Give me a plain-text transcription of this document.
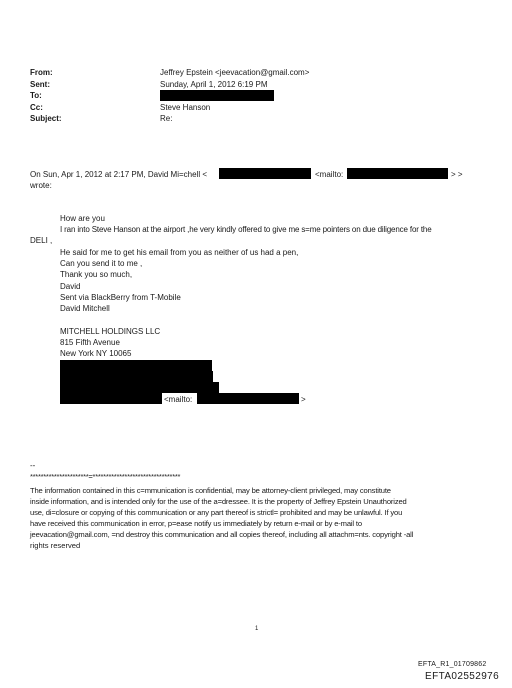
From:	Jeffrey Epstein <jeevacation@gmail.com>
Sent:	Sunday, April 1, 2012 6:19 PM
To:
Cc:	Steve Hanson
Subject:	Re:
On Sun, Apr 1, 2012 at 2:17 PM, David Mi=chell <	<mailto:	> >
wrote:
How are you
I ran into Steve Hanson at the airport ,he very kindly offered to give me s=me pointers on due diligence for the
DELI ,
He said for me to get his email from you as neither of us had a pen,
Can you send it to me ,
Thank you so much,
David
Sent via BlackBerry from T-Mobile
David Mitchell
MITCHELL HOLDINGS LLC
815 Fifth Avenue
New York NY 10065
<mailto:	>
--
**********************=*********************************
The information contained in this c=mmunication is confidential, may be attorney-client privileged, may constitute
inside information, and is intended only for the use of the a=dressee. It is the property of Jeffrey Epstein Unauthorized
use, di=closure or copying of this communication or any part thereof is strictl= prohibited and may be unlawful. If you
have received this communication in error, p=ease notify us immediately by return e-mail or by e-mail to
jeevacation@gmail.com, =nd destroy this communication and all copies thereof, including all attachm=nts. copyright -all
rights reserved
1
EFTA_R1_01709862
EFTA02552976
